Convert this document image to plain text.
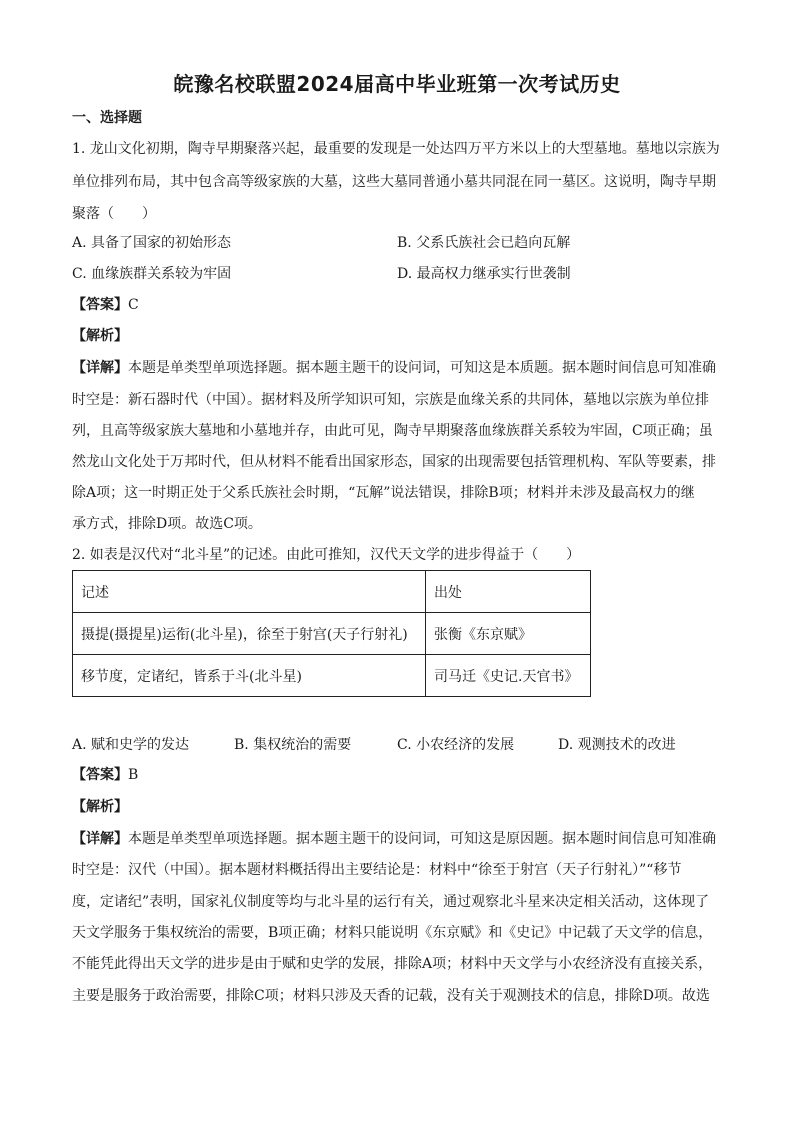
皖豫名校联盟2024届高中毕业班第一次考试历史
一、选择题
1. 龙山文化初期，陶寺早期聚落兴起，最重要的发现是一处达四万平方米以上的大型墓地。墓地以宗族为
单位排列布局，其中包含高等级家族的大墓，这些大墓同普通小墓共同混在同一墓区。这说明，陶寺早期
聚落（　　）
A. 具备了国家的初始形态	B. 父系氏族社会已趋向瓦解
C. 血缘族群关系较为牢固	D. 最高权力继承实行世袭制
【答案】C
【解析】
【详解】本题是单类型单项选择题。据本题主题干的设问词，可知这是本质题。据本题时间信息可知准确
时空是：新石器时代（中国）。据材料及所学知识可知，宗族是血缘关系的共同体，墓地以宗族为单位排
列，且高等级家族大墓地和小墓地并存，由此可见，陶寺早期聚落血缘族群关系较为牢固，C项正确；虽
然龙山文化处于万邦时代，但从材料不能看出国家形态，国家的出现需要包括管理机构、军队等要素，排
除A项；这一时期正处于父系氏族社会时期，“瓦解”说法错误，排除B项；材料并未涉及最高权力的继
承方式，排除D项。故选C项。
2. 如表是汉代对“北斗星”的记述。由此可推知，汉代天文学的进步得益于（　　）
记述	出处
摄提(摄提星)运衔(北斗星)，徐至于射宫(天子行射礼)	张衡《东京赋》
移节度，定诸纪，皆系于斗(北斗星)	司马迁《史记.天官书》
A. 赋和史学的发达	B. 集权统治的需要	C. 小农经济的发展	D. 观测技术的改进
【答案】B
【解析】
【详解】本题是单类型单项选择题。据本题主题干的设问词，可知这是原因题。据本题时间信息可知准确
时空是：汉代（中国）。据本题材料概括得出主要结论是：材料中“徐至于射宫（天子行射礼）”“移节
度，定诸纪”表明，国家礼仪制度等均与北斗星的运行有关，通过观察北斗星来决定相关活动，这体现了
天文学服务于集权统治的需要，B项正确；材料只能说明《东京赋》和《史记》中记载了天文学的信息，
不能凭此得出天文学的进步是由于赋和史学的发展，排除A项；材料中天文学与小农经济没有直接关系，
主要是服务于政治需要，排除C项；材料只涉及天香的记载，没有关于观测技术的信息，排除D项。故选
